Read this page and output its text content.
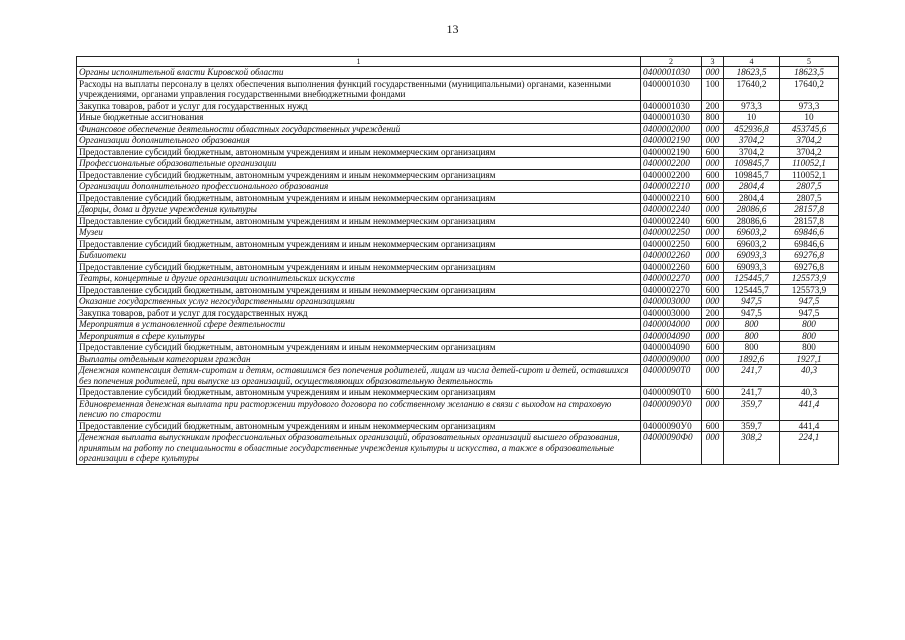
13
1	2	3	4	5
Органы исполнительной власти Кировской области	0400001030	000	18623,5	18623,5
Расходы на выплаты персоналу в целях обеспечения выполнения функций государственными (муниципальными) органами, казенными учреждениями, органами управления государственными внебюджетными фондами	0400001030	100	17640,2	17640,2
Закупка товаров, работ и услуг для государственных нужд	0400001030	200	973,3	973,3
Иные бюджетные ассигнования	0400001030	800	10	10
Финансовое обеспечение деятельности областных государственных учреждений	0400002000	000	452936,8	453745,6
Организации дополнительного образования	0400002190	000	3704,2	3704,2
Предоставление субсидий бюджетным, автономным учреждениям и иным некоммерческим организациям	0400002190	600	3704,2	3704,2
Профессиональные образовательные организации	0400002200	000	109845,7	110052,1
Предоставление субсидий бюджетным, автономным учреждениям и иным некоммерческим организациям	0400002200	600	109845,7	110052,1
Организации дополнительного профессионального образования	0400002210	000	2804,4	2807,5
Предоставление субсидий бюджетным, автономным учреждениям и иным некоммерческим организациям	0400002210	600	2804,4	2807,5
Дворцы, дома и другие учреждения культуры	0400002240	000	28086,6	28157,8
Предоставление субсидий бюджетным, автономным учреждениям и иным некоммерческим организациям	0400002240	600	28086,6	28157,8
Музеи	0400002250	000	69603,2	69846,6
Предоставление субсидий бюджетным, автономным учреждениям и иным некоммерческим организациям	0400002250	600	69603,2	69846,6
Библиотеки	0400002260	000	69093,3	69276,8
Предоставление субсидий бюджетным, автономным учреждениям и иным некоммерческим организациям	0400002260	600	69093,3	69276,8
Театры, концертные и другие организации исполнительских искусств	0400002270	000	125445,7	125573,9
Предоставление субсидий бюджетным, автономным учреждениям и иным некоммерческим организациям	0400002270	600	125445,7	125573,9
Оказание государственных услуг негосударственными организациями	0400003000	000	947,5	947,5
Закупка товаров, работ и услуг для государственных нужд	0400003000	200	947,5	947,5
Мероприятия в установленной сфере деятельности	0400004000	000	800	800
Мероприятия в сфере культуры	0400004090	000	800	800
Предоставление субсидий бюджетным, автономным учреждениям и иным некоммерческим организациям	0400004090	600	800	800
Выплаты отдельным категориям граждан	0400009000	000	1892,6	1927,1
Денежная компенсация детям-сиротам и детям, оставшимся без попечения родителей, лицам из числа детей-сирот и детей, оставшихся без попечения родителей, при выпуске из организаций, осуществляющих образовательную деятельность	04000090Т0	000	241,7	40,3
Предоставление субсидий бюджетным, автономным учреждениям и иным некоммерческим организациям	04000090Т0	600	241,7	40,3
Единовременная денежная выплата при расторжении трудового договора по собственному желанию в связи с выходом на страховую пенсию по старости	04000090У0	000	359,7	441,4
Предоставление субсидий бюджетным, автономным учреждениям и иным некоммерческим организациям	04000090У0	600	359,7	441,4
Денежная выплата выпускникам профессиональных образовательных организаций, образовательных организаций высшего образования, принятым на работу по специальности в областные государственные учреждения культуры и искусства, а также в образовательные организации в сфере культуры	04000090Ф0	000	308,2	224,1
